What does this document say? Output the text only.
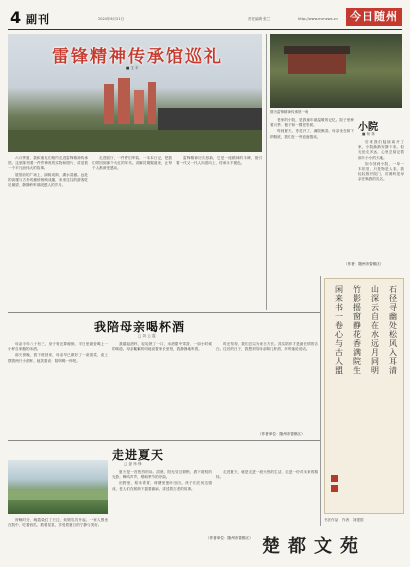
4 副刊	2024年6月21日	责任编辑 张兰	http://www.mcnews.cn	今日随州
雷锋精神传承馆巡礼
■ 王 平
图为雷锋精神传承馆一角

六月季夏，我和朋友们相约走进雷锋精神传承馆。这里陈列着一件件珍贵的实物和图片，讲述着一个平凡而伟大的故事。

展馆前的广场上，绿树成荫，湖水清澈。远处的高楼与古朴的廊桥相映成趣，来来往往的游客驻足凝望，静静聆听那段感人的岁月。

走进展厅，一件件旧军装、一本本日记，把我们带回到那个火红的年代。讲解员娓娓道来，让每个人都深受感动。

雷锋精神历久弥新，它是一座精神的丰碑，指引着一代又一代人向善向上，传承永不褪色。

老家的小院，是我童年最温暖的记忆。院子里种着月季、栀子和一棵老枣树。

每到夏天，枣花开了，满院飘香。母亲坐在树下纳鞋底，我们在一旁追逐嬉戏。

小院
■ 杨 林

后来我们陆续离开了家，小院渐渐安静下来。但无论走多远，心里总惦记着那片小小的天地。

如今回到小院，一草一木依旧，只是物是人非。我轻轻推开院门，仿佛听见母亲在唤我的乳名。

（作者：随州市曾都区）
我陪母亲喝杯酒
□ 刘 云 霞

母亲今年八十有三，身子骨还算硬朗，平日里最爱喝上一小杯自家酿的米酒。

那天傍晚，我下班回家，母亲早已做好了一桌饭菜，桌上摆着两只小酒杯。她笑着说：陪妈喝一杯吧。

我端起酒杯，轻轻抿了一口，米酒甜中带香，一如小时候的味道。母亲絮絮叨叨地说着家长里短，我静静地听着。

时光匆匆，我们总以为来日方长。其实陪伴才是最长情的告白。往后的日子，我想多陪母亲喝几杯酒，多听她说说话。

（作者单位：随州市曾都区）
走进夏天
□ 晏 炜 锋

夏天是一首热烈的诗。清晨，阳光穿过树梢，洒下斑驳的光影；蝉鸣声声，唱响季节的序曲。

田野里，稻禾青青，荷塘里莲叶田田。孩子们在河边嬉戏，老人们在树荫下摇着蒲扇，讲述着古老的故事。

傍晚时分，晚霞染红了天边，炊烟袅袅升起。一家人围坐在院中，吃着西瓜，数着星星，享受着夏日的宁静与美好。

走进夏天，就是走进一段火热的生活，走进一份对未来的期待。

（作者单位：随州市曾都区）
石径寻幽处松风入耳清
山深云自在水远月同明
竹影摇窗静花香满院生
闲来书一卷心与古人盟
书法作品　作者：刘建国
楚都文苑
